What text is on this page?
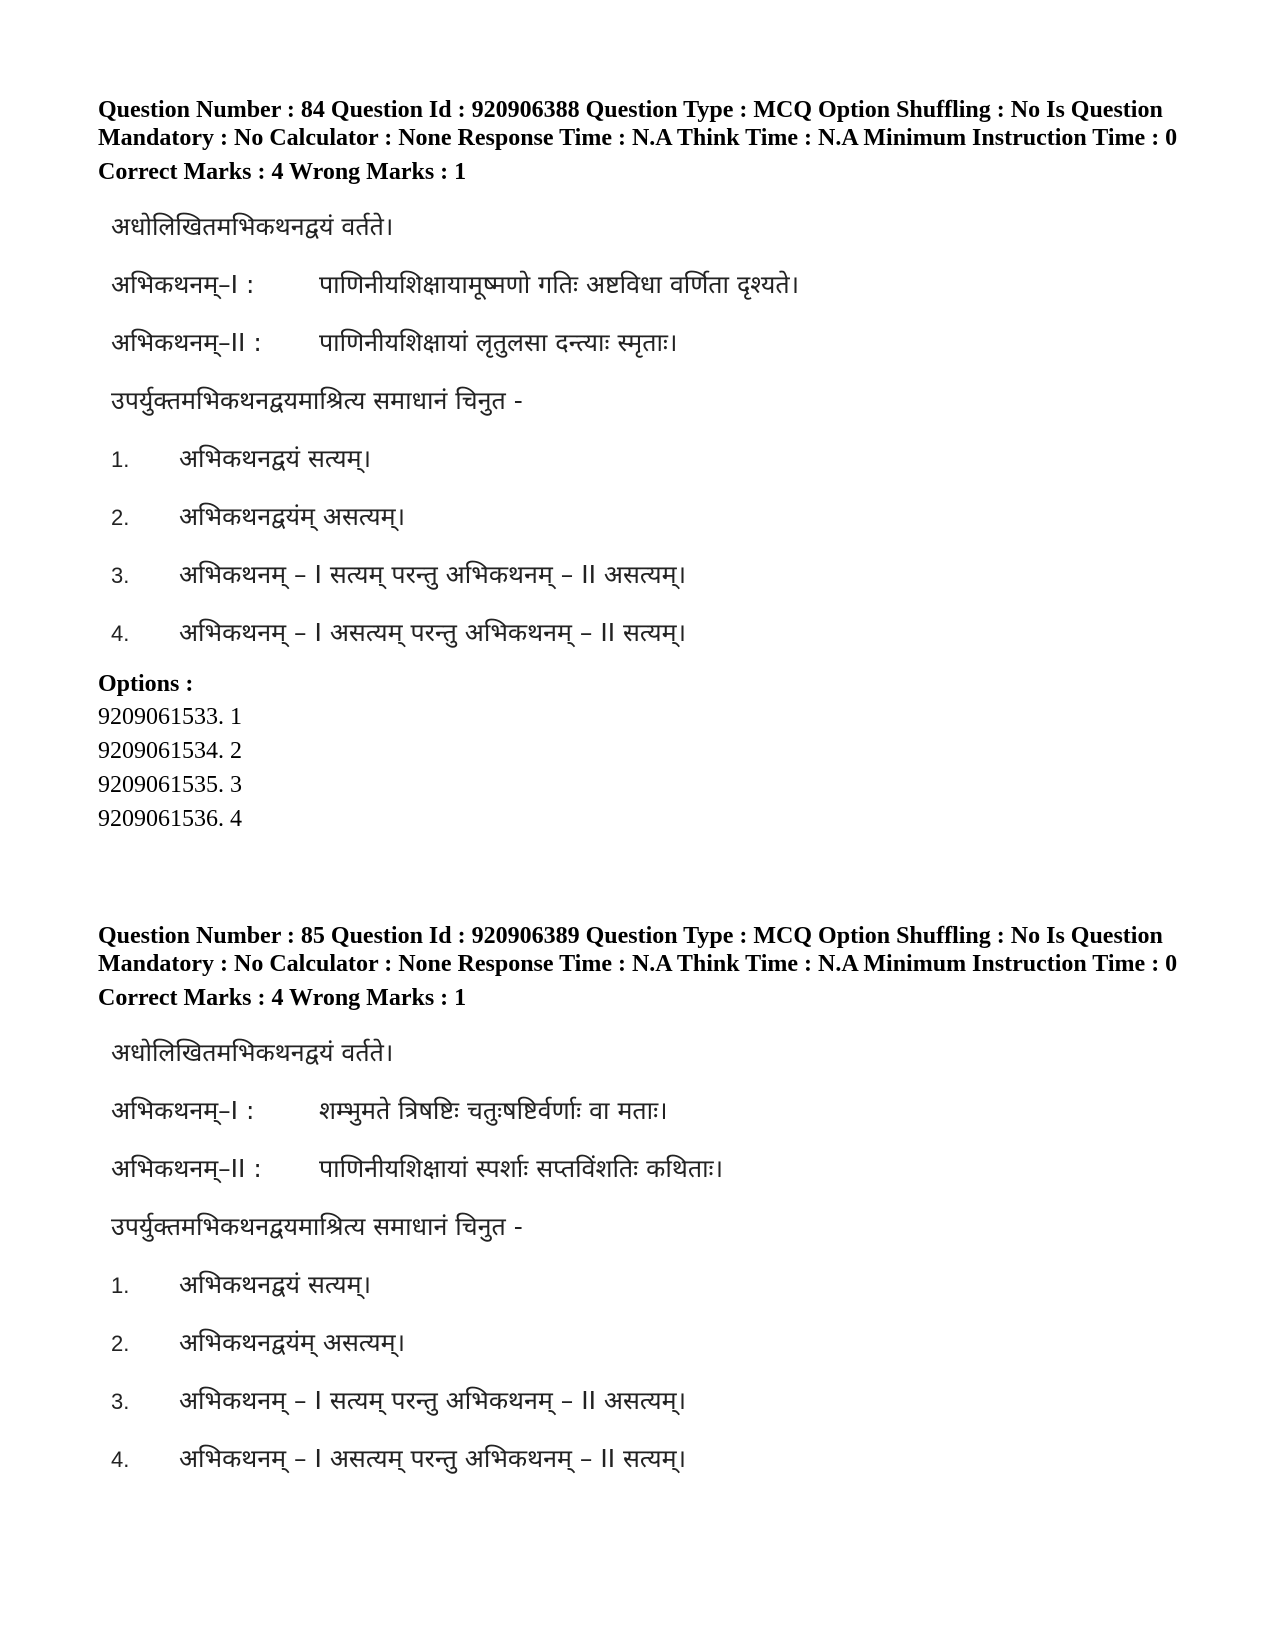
Question Number : 84 Question Id : 920906388 Question Type : MCQ Option Shuffling : No Is Question Mandatory : No Calculator : None Response Time : N.A Think Time : N.A Minimum Instruction Time : 0
Correct Marks : 4 Wrong Marks : 1
अधोलिखितमभिकथनद्वयं वर्तते।
अभिकथनम्–I :	पाणिनीयशिक्षायामूष्मणो गतिः अष्टविधा वर्णिता दृश्यते।
अभिकथनम्–II : पाणिनीयशिक्षायां लृतुलसा दन्त्याः स्मृताः।
उपर्युक्तमभिकथनद्वयमाश्रित्य समाधानं चिनुत -
1. अभिकथनद्वयं सत्यम्।
2. अभिकथनद्वयंम् असत्यम्।
3. अभिकथनम् – I सत्यम् परन्तु अभिकथनम् – II असत्यम्।
4. अभिकथनम् – I असत्यम् परन्तु अभिकथनम् – II सत्यम्।
Options :
9209061533. 1
9209061534. 2
9209061535. 3
9209061536. 4
Question Number : 85 Question Id : 920906389 Question Type : MCQ Option Shuffling : No Is Question Mandatory : No Calculator : None Response Time : N.A Think Time : N.A Minimum Instruction Time : 0
Correct Marks : 4 Wrong Marks : 1
अधोलिखितमभिकथनद्वयं वर्तते।
अभिकथनम्–I :	शम्भुमते त्रिषष्टिः चतुःषष्टिर्वर्णाः वा मताः।
अभिकथनम्–II : पाणिनीयशिक्षायां स्पर्शाः सप्तविंशतिः कथिताः।
उपर्युक्तमभिकथनद्वयमाश्रित्य समाधानं चिनुत -
1. अभिकथनद्वयं सत्यम्।
2. अभिकथनद्वयंम् असत्यम्।
3. अभिकथनम् – I सत्यम् परन्तु अभिकथनम् – II असत्यम्।
4. अभिकथनम् – I असत्यम् परन्तु अभिकथनम् – II सत्यम्।
